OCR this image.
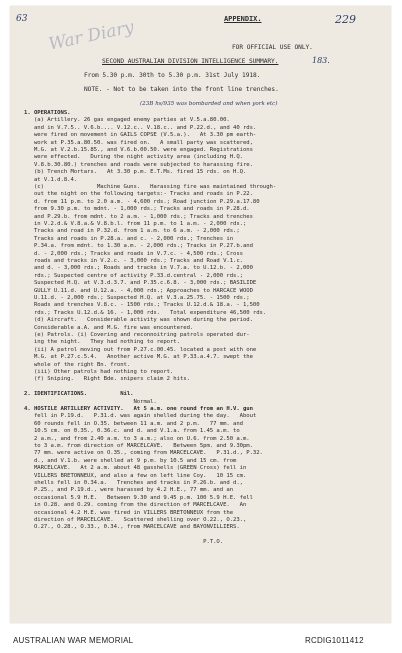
War Diary

63	APPENDIX.	229
FOR OFFICIAL USE ONLY.
SECOND AUSTRALIAN DIVISION INTELLIGENCE SUMMARY.	183.
From 5.30 p.m. 30th to 5.30 p.m. 31st July 1918.
NOTE. - Not to be taken into the front line trenches.
(23B hs/935 was bombarded and when york etc)
1. OPERATIONS.
(a) Artillery. 26 gas engaged enemy parties at V.5.a.80.00.
and in V.7.5.. V.6.b.... V.12.c.. V.18.c.. and P.22.d., and 40 rds.
were fired on movement in GAILS COPSE (V.5.a.).   At 3.30 pm earth-
work at P.35.a.80.50. was fired on.   A small party was scattered,
M.G. at V.2.b.15.85., and V.6.b.00.50. were engaged. Registrations
were effected.   During the night activity area (including H.Q.
V.8.b.30.80.) trenches and roads were subjected to harassing fire.
(b) Trench Mortars.   At 3.30 p.m. E.T.Ms. fired 15 rds. on H.Q.
at V.1.d.8.4.
(c)                Machine Guns.   Harassing fire was maintained through-
out the night on the following targets:- Tracks and roads in P.22.
d. from 11 p.m. to 2.0 a.m. - 4,600 rds.; Road junction P.29.a.17.80
from 9.30 p.m. to mdnt. - 1,000 rds.; Tracks and roads in P.28.d.
and P.29.b. from mdnt. to 2 a.m. - 1,000 rds.; Tracks and trenches
in V.2.d.& V.8.a.& V.8.b.l. from 11 p.m. to 1 a.m. - 2,000 rds.;
Tracks and road in P.32.d. from 1 a.m. to 6 a.m. - 2,000 rds.;
Tracks and roads in P.28.a. and c. - 2,000 rds.; Trenches in
P.34.a. from mdnt. to 1.30 a.m. - 2,000 rds.; Tracks in P.27.b.and
d. - 2,000 rds.; Tracks and roads in V.7.c. - 4,500 rds.; Cross
roads and tracks in V.2.c. - 3,000 rds.; Tracks and Road V.1.c.
and d. - 3,000 rds.; Roads and tracks in V.7.a. to U.12.b. - 2,000
rds.; Suspected centre of activity P.33.d.central - 2,000 rds.;
Suspected H.Q. at V.3.d.3.7. and P.35.c.6.8. - 3,000 rds.; BASILIDE
GULLY U.11.d. and U.12.a. - 4,000 rds.; Approaches to HARCACE WOOD
U.11.d. - 2,000 rds.; Suspected H.Q. at V.3.a.25.75. - 1500 rds.;
Roads and trenches V.8.c. - 1500 rds.; Tracks U.12.d.& 18.a. - 1,500
rds.; Tracks U.12.d.& 16. - 1,000 rds.   Total expenditure 46,500 rds.
(d) Aircraft.   Considerable activity was shown during the period.
Considerable a.A. and M.G. fire was encountered.
(e) Patrols. (i) Covering and reconnoitring patrols operated dur-
ing the night.   They had nothing to report.
(ii) A patrol moving out from P.27.c.00.45. located a post with one
M.G. at P.27.c.5.4.   Another active M.G. at P.33.a.4.7. swept the
whole of the right Bn. front.
(iii) Other patrols had nothing to report.
(f) Sniping.   Right Bde. snipers claim 2 hits.
2. IDENTIFICATIONS.          Nil.
Normal.
4. HOSTILE ARTILLERY ACTIVITY.   At 5 a.m. one round from an H.V. gun
fell in P.19.d.   P.31.d. was again shelled during the day.   About
60 rounds fell in O.35. between 11 a.m. and 2 p.m.   77 mm. and
10.5 cm. on 0.35., 0.36.c. and d. and V.1.a. from 1.45 a.m. to
2 a.m., and from 2.40 a.m. to 3 a.m.; also on U.6. from 2.50 a.m.
to 3 a.m. from direction of MARCELCAVE.   Between 5pm. and 9.30pm.
77 mm. were active on O.35., coming from MARCELCAVE.   P.31.d., P.32.
d., and V.1.b. were shelled at 9 p.m. by 10.5 and 15 cm. from
MARCELCAVE.   At 2 a.m. about 48 gasshells (GREEN Cross) fell in
VILLERS BRETONNEUX, and also a few on left line Coy.   10 15 cm.
shells fell in 0.34.a.   Trenches and tracks in P.26.b. and d.,
P.25., and P.19.d., were harassed by 4.2 H.E., 77 mm. and an
occasional 5.9 H.E.   Between 9.30 and 9.45 p.m. 100 5.9 H.E. fell
in O.28. and O.29. coming from the direction of MARCELCAVE.   An
occasional 4.2 H.E. was fired in VILLERS BRETONNEUX from the
direction of MARCELCAVE.   Scattered shelling over O.22., O.23.,
O.27., O.28., O.33., 0.34., from MARCELCAVE and BAYONVILLIERS.
P.T.O.
AUSTRALIAN WAR MEMORIAL	RCDIG1011412
